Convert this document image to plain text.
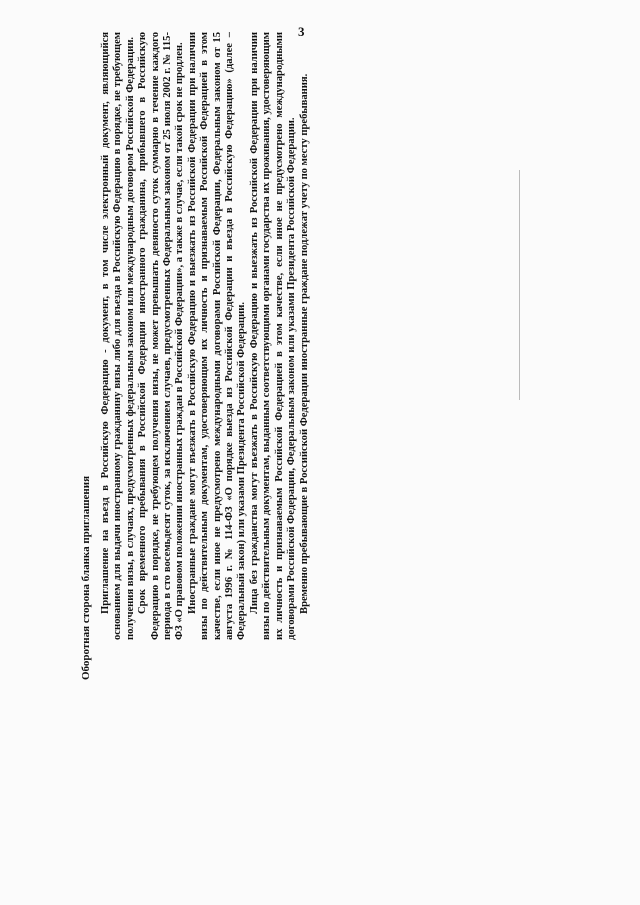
3
Оборотная сторона бланка приглашения Приглашение на въезд в Российскую Федерацию - документ, в том числе электронный документ, являющийся основанием для выдачи иностранному гражданину визы либо для въезда в Российскую Федерацию в порядке, не требующем получения визы, в случаях, предусмотренных федеральным законом или международным договором Российской Федерации. Срок временного пребывания в Российской Федерации иностранного гражданина, прибывшего в Российскую Федерацию в порядке, не требующем получения визы, не может превышать девяносто суток суммарно в течение каждого периода в сто восемьдесят суток, за исключением случаев, предусмотренных Федеральным законом от 25 июля 2002 г. № 115-ФЗ «О правовом положении иностранных граждан в Российской Федерации», а также в случае, если такой срок не продлен. Иностранные граждане могут въезжать в Российскую Федерацию и выезжать из Российской Федерации при наличии визы по действительным документам, удостоверяющим их личность и признаваемым Российской Федерацией в этом качестве, если иное не предусмотрено международными договорами Российской Федерации, Федеральным законом от 15 августа 1996 г. № 114-ФЗ «О порядке выезда из Российской Федерации и въезда в Российскую Федерацию» (далее – Федеральный закон) или указами Президента Российской Федерации. Лица без гражданства могут въезжать в Российскую Федерацию и выезжать из Российской Федерации при наличии визы по действительным документам, выданным соответствующими органами государства их проживания, удостоверяющим их личность и признаваемым Российской Федерацией в этом качестве, если иное не предусмотрено международными договорами Российской Федерации, Федеральным законом или указами Президента Российской Федерации. Временно пребывающие в Российской Федерации иностранные граждане подлежат учету по месту пребывания.
